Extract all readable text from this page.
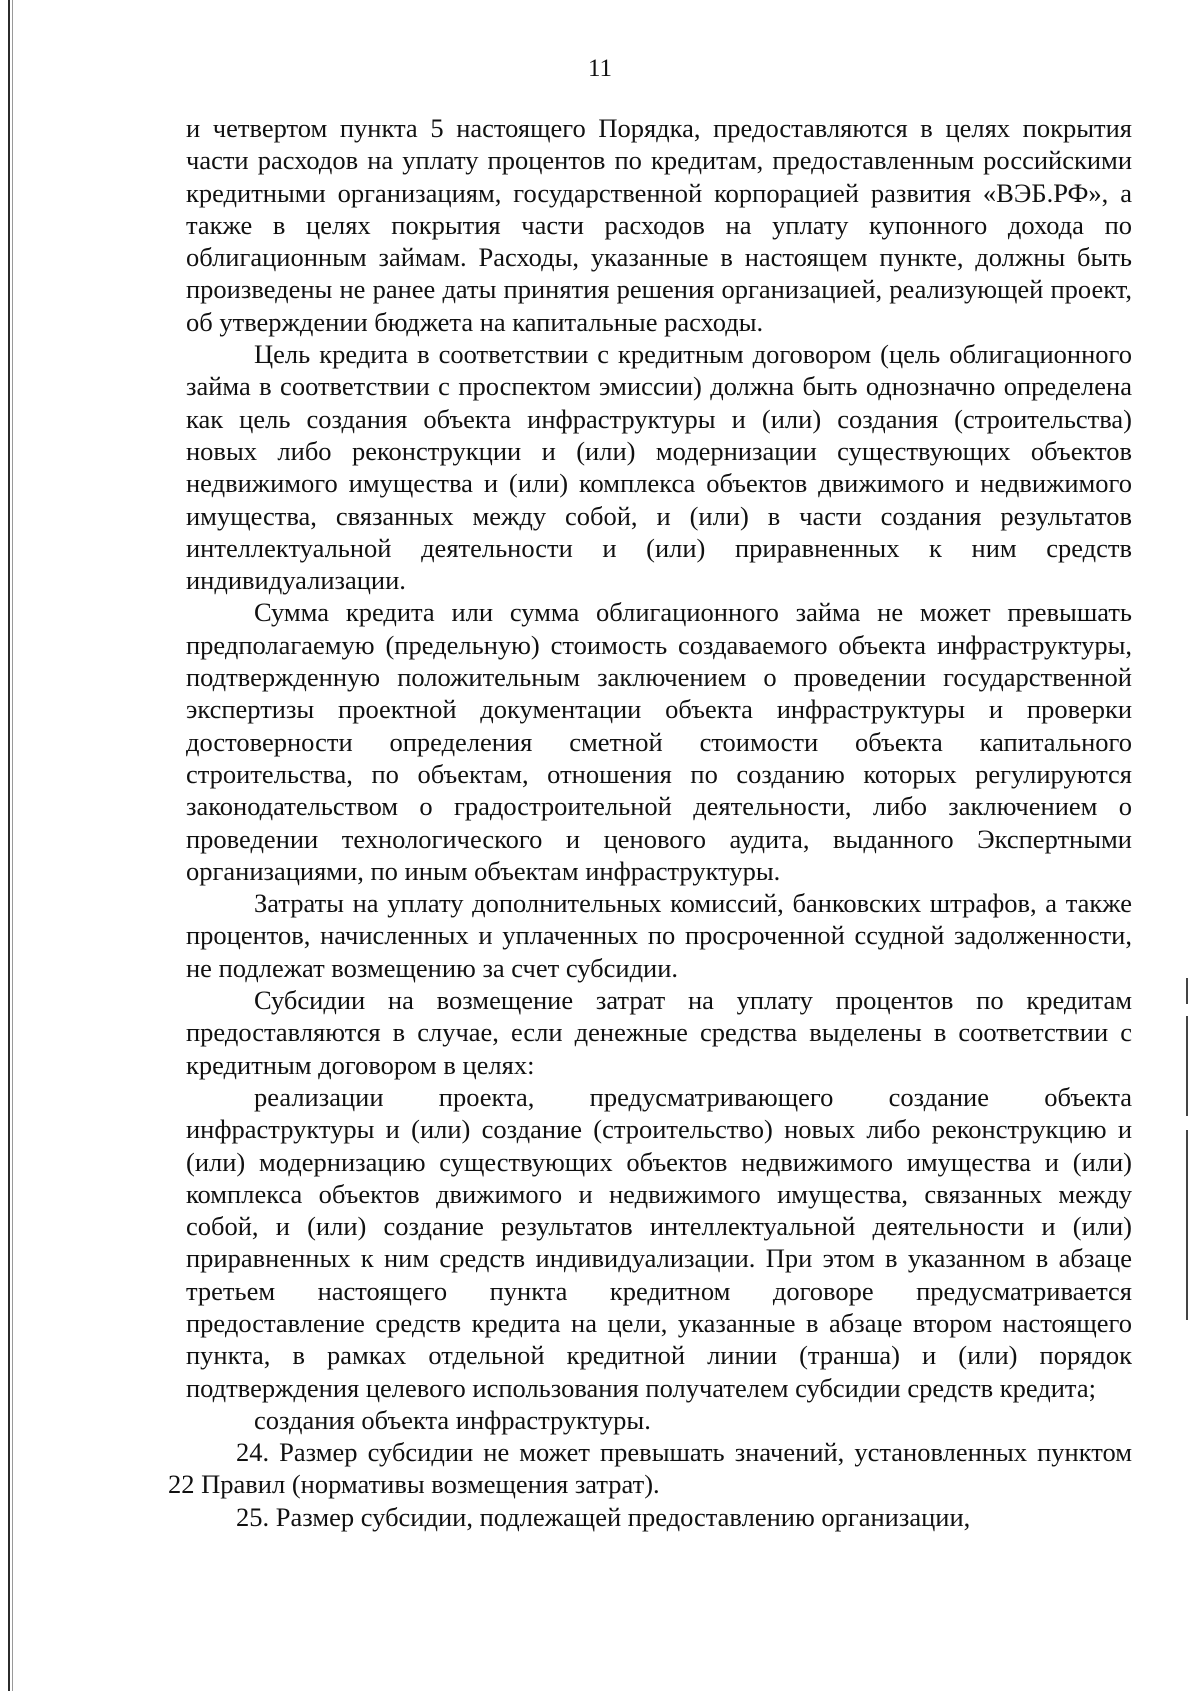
11

и четвертом пункта 5 настоящего Порядка, предоставляются в целях покрытия части расходов на уплату процентов по кредитам, предоставленным российскими кредитными организациям, государственной корпорацией развития «ВЭБ.РФ», а также в целях покрытия части расходов на уплату купонного дохода по облигационным займам. Расходы, указанные в настоящем пункте, должны быть произведены не ранее даты принятия решения организацией, реализующей проект, об утверждении бюджета на капитальные расходы.

Цель кредита в соответствии с кредитным договором (цель облигационного займа в соответствии с проспектом эмиссии) должна быть однозначно определена как цель создания объекта инфраструктуры и (или) создания (строительства) новых либо реконструкции и (или) модернизации существующих объектов недвижимого имущества и (или) комплекса объектов движимого и недвижимого имущества, связанных между собой, и (или) в части создания результатов интеллектуальной деятельности и (или) приравненных к ним средств индивидуализации.

Сумма кредита или сумма облигационного займа не может превышать предполагаемую (предельную) стоимость создаваемого объекта инфраструктуры, подтвержденную положительным заключением о проведении государственной экспертизы проектной документации объекта инфраструктуры и проверки достоверности определения сметной стоимости объекта капитального строительства, по объектам, отношения по созданию которых регулируются законодательством о градостроительной деятельности, либо заключением о проведении технологического и ценового аудита, выданного Экспертными организациями, по иным объектам инфраструктуры.

Затраты на уплату дополнительных комиссий, банковских штрафов, а также процентов, начисленных и уплаченных по просроченной ссудной задолженности, не подлежат возмещению за счет субсидии.

Субсидии на возмещение затрат на уплату процентов по кредитам предоставляются в случае, если денежные средства выделены в соответствии с кредитным договором в целях:

реализации проекта, предусматривающего создание объекта инфраструктуры и (или) создание (строительство) новых либо реконструкцию и (или) модернизацию существующих объектов недвижимого имущества и (или) комплекса объектов движимого и недвижимого имущества, связанных между собой, и (или) создание результатов интеллектуальной деятельности и (или) приравненных к ним средств индивидуализации. При этом в указанном в абзаце третьем настоящего пункта кредитном договоре предусматривается предоставление средств кредита на цели, указанные в абзаце втором настоящего пункта, в рамках отдельной кредитной линии (транша) и (или) порядок подтверждения целевого использования получателем субсидии средств кредита;

создания объекта инфраструктуры.

24. Размер субсидии не может превышать значений, установленных пунктом 22 Правил (нормативы возмещения затрат).

25. Размер субсидии, подлежащей предоставлению организации,
